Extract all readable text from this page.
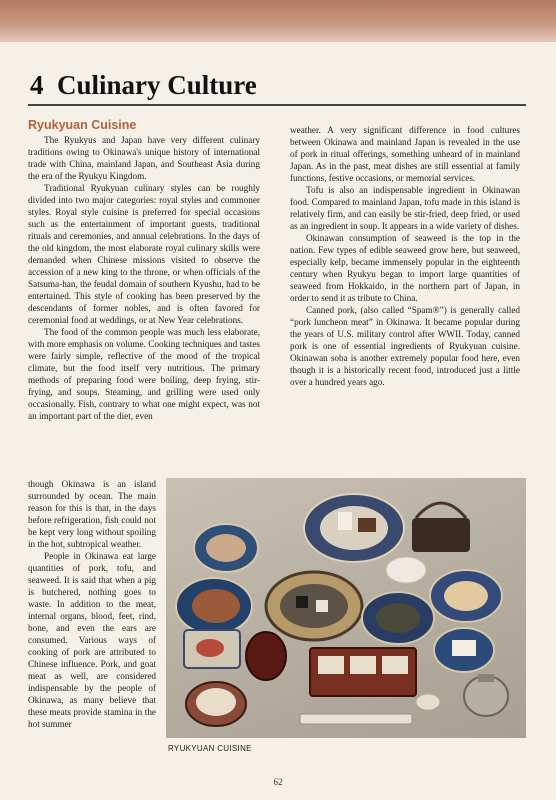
4 Culinary Culture
Ryukyuan Cuisine

The Ryukyus and Japan have very different culinary traditions owing to Okinawa's unique history of international trade with China, mainland Japan, and Southeast Asia during the era of the Ryukyu Kingdom.

Traditional Ryukyuan culinary styles can be roughly divided into two major categories: royal styles and commoner styles. Royal style cuisine is preferred for special occasions such as the entertainment of important guests, traditional rituals and ceremonies, and annual celebrations. In the days of the old kingdom, the most elaborate royal culinary skills were demanded when Chinese missions visited to observe the accession of a new king to the throne, or when officials of the Satsuma-han, the feudal domain of southern Kyushu, had to be entertained. This style of cooking has been preserved by the descendants of former nobles, and is often favored for ceremonial food at weddings, or at New Year celebrations.

The food of the common people was much less elaborate, with more emphasis on volume. Cooking techniques and tastes were fairly simple, reflective of the mood of the tropical climate, but the food itself very nutritious. The primary methods of preparing food were boiling, deep frying, stir-frying, and soups. Steaming, and grilling were used only occasionally. Fish, contrary to what one might expect, was not an important part of the diet, even

though Okinawa is an island surrounded by ocean. The main reason for this is that, in the days before refrigeration, fish could not be kept very long without spoiling in the hot, subtropical weather.

People in Okinawa eat large quantities of pork, tofu, and seaweed. It is said that when a pig is butchered, nothing goes to waste. In addition to the meat, internal organs, blood, feet, rind, bone, and even the ears are consumed. Various ways of cooking of pork are attributed to Chinese influence. Pork, and goat meat as well, are considered indispensable by the people of Okinawa, as many believe that these meats provide stamina in the hot summer

weather. A very significant difference in food cultures between Okinawa and mainland Japan is revealed in the use of pork in ritual offerings, something unheard of in mainland Japan. As in the past, meat dishes are still essential at family functions, festive occasions, or memorial services.

Tofu is also an indispensable ingredient in Okinawan food. Compared to mainland Japan, tofu made in this island is relatively firm, and can easily be stir-fried, deep fried, or used as an ingredient in soup. It appears in a wide variety of dishes.

Okinawan consumption of seaweed is the top in the nation. Few types of edible seaweed grow here, but seaweed, especially kelp, became immensely popular in the eighteenth century when Ryukyu began to import large quantities of seaweed from Hokkaido, in the northern part of Japan, in order to send it as tribute to China.

Canned pork, (also called “Spam®”) is generally called “pork luncheon meat” in Okinawa. It became popular during the years of U.S. military control after WWII. Today, canned pork is one of essential ingredients of Ryukyuan cuisine. Okinawan soba is another extremely popular food here, even though it is a historically recent food, introduced just a little over a hundred years ago.

RYUKYUAN CUISINE
62
